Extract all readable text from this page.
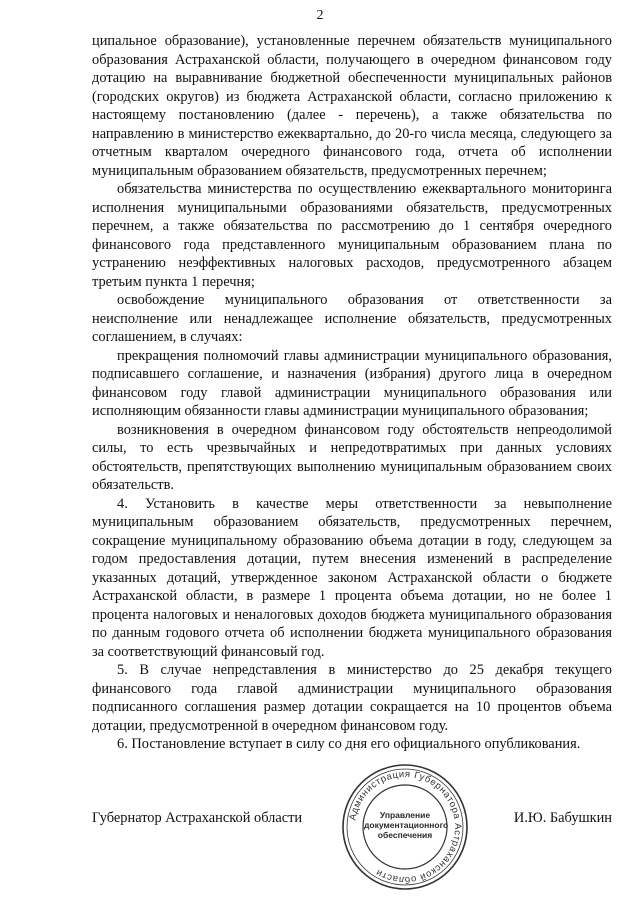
2

ципальное образование), установленные перечнем обязательств муниципального образования Астраханской области, получающего в очередном финансовом году дотацию на выравнивание бюджетной обеспеченности муниципальных районов (городских округов) из бюджета Астраханской области, согласно приложению к настоящему постановлению (далее - перечень), а также обязательства по направлению в министерство ежеквартально, до 20-го числа месяца, следующего за отчетным кварталом очередного финансового года, отчета об исполнении муниципальным образованием обязательств, предусмотренных перечнем;

обязательства министерства по осуществлению ежеквартального мониторинга исполнения муниципальными образованиями обязательств, предусмотренных перечнем, а также обязательства по рассмотрению до 1 сентября очередного финансового года представленного муниципальным образованием плана по устранению неэффективных налоговых расходов, предусмотренного абзацем третьим пункта 1 перечня;

освобождение муниципального образования от ответственности за неисполнение или ненадлежащее исполнение обязательств, предусмотренных соглашением, в случаях:

прекращения полномочий главы администрации муниципального образования, подписавшего соглашение, и назначения (избрания) другого лица в очередном финансовом году главой администрации муниципального образования или исполняющим обязанности главы администрации муниципального образования;

возникновения в очередном финансовом году обстоятельств непреодолимой силы, то есть чрезвычайных и непредотвратимых при данных условиях обстоятельств, препятствующих выполнению муниципальным образованием своих обязательств.

4. Установить в качестве меры ответственности за невыполнение муниципальным образованием обязательств, предусмотренных перечнем, сокращение муниципальному образованию объема дотации в году, следующем за годом предоставления дотации, путем внесения изменений в распределение указанных дотаций, утвержденное законом Астраханской области о бюджете Астраханской области, в размере 1 процента объема дотации, но не более 1 процента налоговых и неналоговых доходов бюджета муниципального образования по данным годового отчета об исполнении бюджета муниципального образования за соответствующий финансовый год.

5. В случае непредставления в министерство до 25 декабря текущего финансового года главой администрации муниципального образования подписанного соглашения размер дотации сокращается на 10 процентов объема дотации, предусмотренной в очередном финансовом году.

6. Постановление вступает в силу со дня его официального опубликования.

Губернатор Астраханской области	И.Ю. Бабушкин
Администрация Губернатора Астраханской области
Управление
документационного
обеспечения
